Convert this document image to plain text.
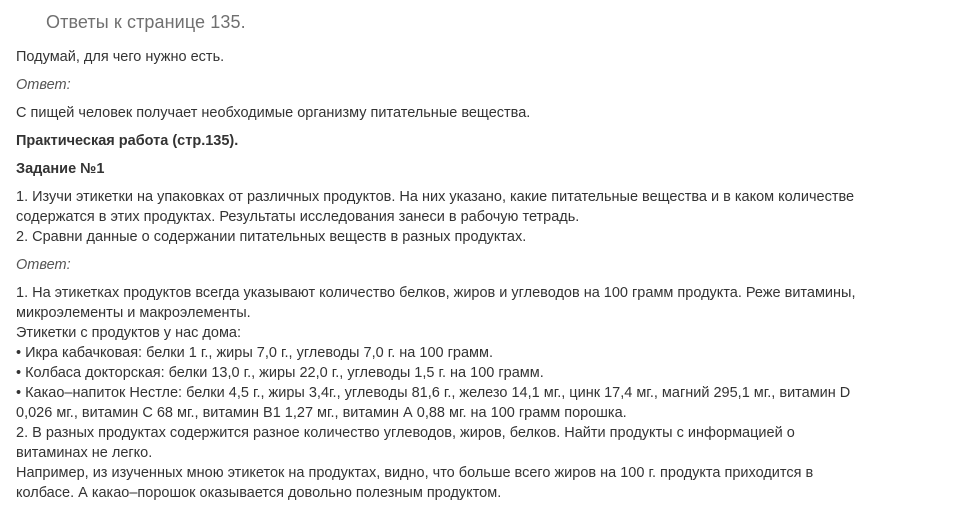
Ответы к странице 135.
Подумай, для чего нужно есть.
Ответ:
С пищей человек получает необходимые организму питательные вещества.
Практическая работа (стр.135).
Задание №1
1. Изучи этикетки на упаковках от различных продуктов. На них указано, какие питательные вещества и в каком количестве
содержатся в этих продуктах. Результаты исследования занеси в рабочую тетрадь.
2. Сравни данные о содержании питательных веществ в разных продуктах.
Ответ:
1. На этикетках продуктов всегда указывают количество белков, жиров и углеводов на 100 грамм продукта. Реже витамины,
микроэлементы и макроэлементы.
Этикетки с продуктов у нас дома:
• Икра кабачковая: белки 1 г., жиры 7,0 г., углеводы 7,0 г. на 100 грамм.
• Колбаса докторская: белки 13,0 г., жиры 22,0 г., углеводы 1,5 г. на 100 грамм.
• Какао–напиток Нестле: белки 4,5 г., жиры 3,4г., углеводы 81,6 г., железо 14,1 мг., цинк 17,4 мг., магний 295,1 мг., витамин D
0,026 мг., витамин С 68 мг., витамин В1 1,27 мг., витамин А 0,88 мг. на 100 грамм порошка.
2. В разных продуктах содержится разное количество углеводов, жиров, белков. Найти продукты с информацией о
витаминах не легко.
Например, из изученных мною этикеток на продуктах, видно, что больше всего жиров на 100 г. продукта приходится в
колбасе. А какао–порошок оказывается довольно полезным продуктом.
